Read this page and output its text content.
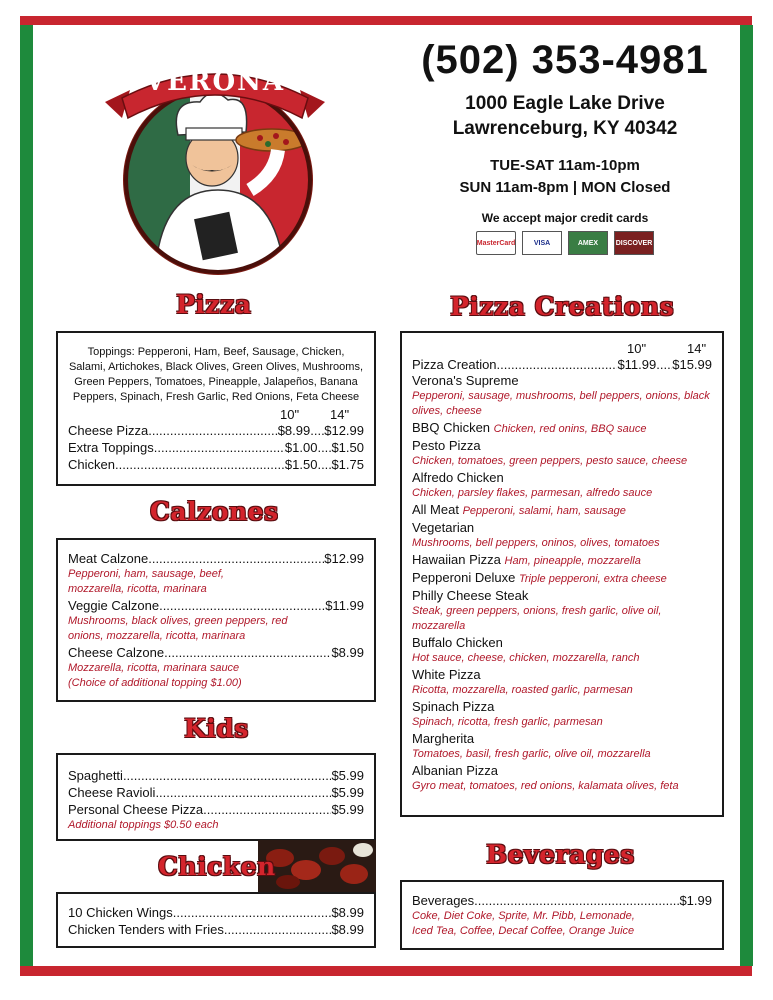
VERONA	(502) 353-4981
1000 Eagle Lake Drive
Lawrenceburg, KY 40342
TUE-SAT 11am-10pm
SUN 11am-8pm | MON Closed
We accept major credit cards
MasterCard	VISA	AMEX	DISCOVER
Pizza
Toppings: Pepperoni, Ham, Beef, Sausage, Chicken, Salami, Artichokes, Black Olives, Green Olives, Mushrooms, Green Peppers, Tomatoes, Pineapple, Jalapeños, Banana Peppers, Spinach, Fresh Garlic, Red Onions, Feta Cheese
10"	14"
Cheese Pizza .....	$8.99 ..... $12.99
Extra Toppings .....	$1.00 ..... $1.50
Chicken .....	$1.50 ..... $1.75
Calzones
Meat Calzone .....	$12.99
Pepperoni, ham, sausage, beef,
mozzarella, ricotta, marinara
Veggie Calzone .....	$11.99
Mushrooms, black olives, green peppers, red
onions, mozzarella, ricotta, marinara
Cheese Calzone .....	$8.99
Mozzarella, ricotta, marinara sauce
(Choice of additional topping $1.00)
Kids
Spaghetti .....	$5.99
Cheese Ravioli .....	$5.99
Personal Cheese Pizza .....	$5.99
Additional toppings $0.50 each
Chicken
10 Chicken Wings .....	$8.99
Chicken Tenders with Fries .....	$8.99
Pizza Creations
10"	14"
Pizza Creation .....	$11.99 ..... $15.99
Verona's Supreme
Pepperoni, sausage, mushrooms, bell peppers, onions, black olives, cheese
BBQ Chicken Chicken, red onins, BBQ sauce
Pesto Pizza
Chicken, tomatoes, green peppers, pesto sauce, cheese
Alfredo Chicken
Chicken, parsley flakes, parmesan, alfredo sauce
All Meat Pepperoni, salami, ham, sausage
Vegetarian
Mushrooms, bell peppers, oninos, olives, tomatoes
Hawaiian Pizza Ham, pineapple, mozzarella
Pepperoni Deluxe Triple pepperoni, extra cheese
Philly Cheese Steak
Steak, green peppers, onions, fresh garlic, olive oil, mozzarella
Buffalo Chicken
Hot sauce, cheese, chicken, mozzarella, ranch
White Pizza
Ricotta, mozzarella, roasted garlic, parmesan
Spinach Pizza
Spinach, ricotta, fresh garlic, parmesan
Margherita
Tomatoes, basil, fresh garlic, olive oil, mozzarella
Albanian Pizza
Gyro meat, tomatoes, red onions, kalamata olives, feta
Beverages
Beverages .....	$1.99
Coke, Diet Coke, Sprite, Mr. Pibb, Lemonade,
Iced Tea, Coffee, Decaf Coffee, Orange Juice
